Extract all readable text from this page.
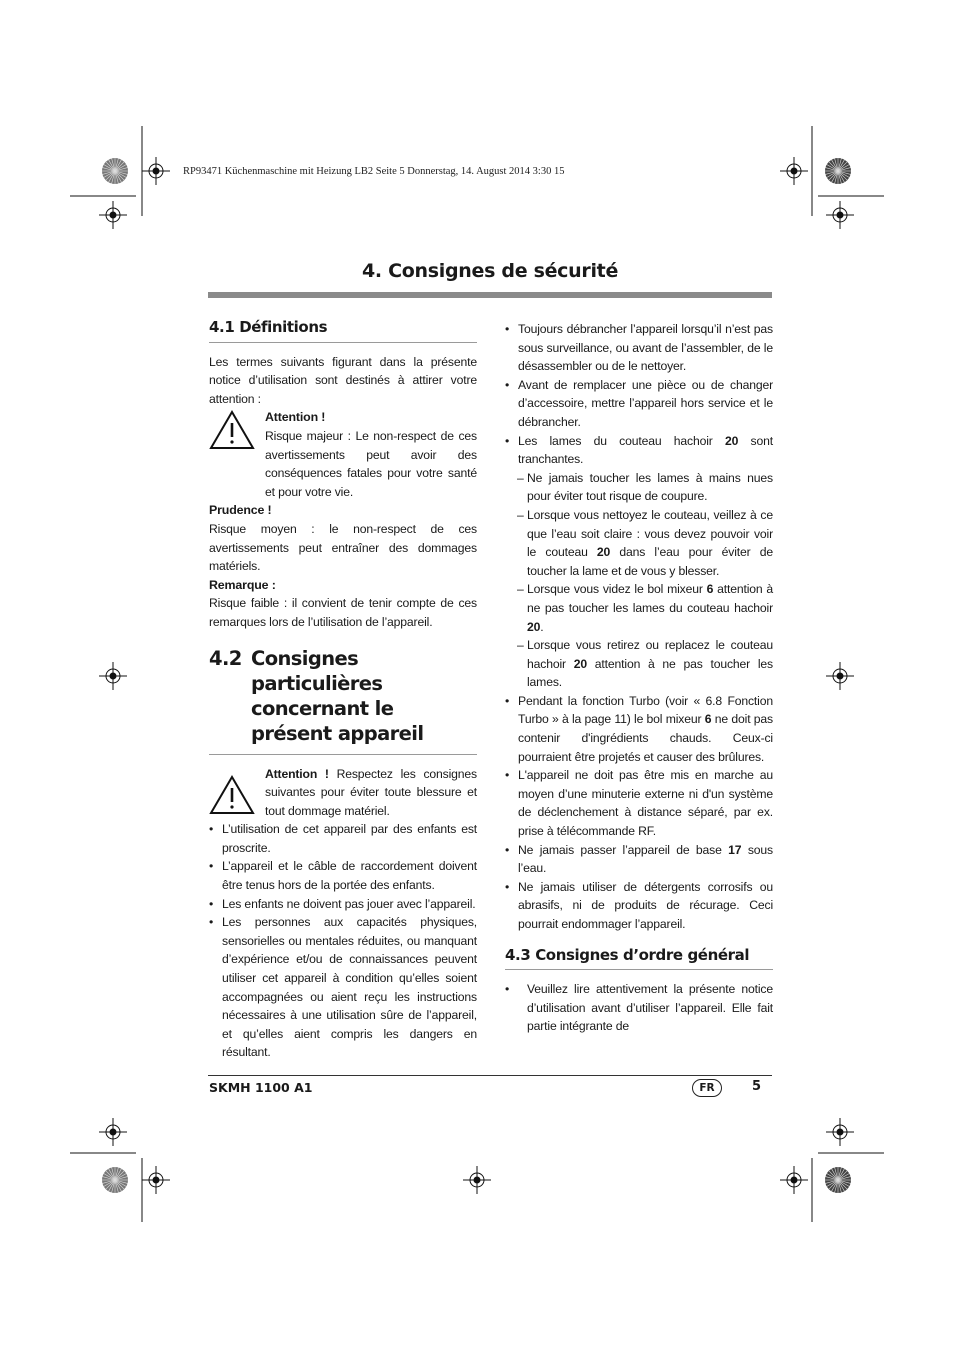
RP93471 Küchenmaschine mit Heizung LB2 Seite 5 Donnerstag, 14. August 2014 3:30 15
4. Consignes de sécurité
4.1 Définitions

Les termes suivants figurant dans la présente notice d’utilisation sont destinés à attirer votre attention :

Attention !

Risque majeur : Le non-respect de ces avertissements peut avoir des conséquences fatales pour votre santé et pour votre vie.

Prudence !

Risque moyen : le non-respect de ces avertissements peut entraîner des dommages matériels.

Remarque :

Risque faible : il convient de tenir compte de ces remarques lors de l’utilisation de l’appareil.

4.2 Consignes particulières concernant le présent appareil

Attention ! Respectez les consignes suivantes pour éviter toute blessure et tout dommage matériel.

• L’utilisation de cet appareil par des enfants est proscrite.
• L’appareil et le câble de raccordement doivent être tenus hors de la portée des enfants.
• Les enfants ne doivent pas jouer avec l’appareil.
• Les personnes aux capacités physiques, sensorielles ou mentales réduites, ou manquant d’expérience et/ou de connaissances peuvent utiliser cet appareil à condition qu’elles soient accompagnées ou aient reçu les instructions nécessaires à une utilisation sûre de l’appareil, et qu’elles aient compris les dangers en résultant.
• Toujours débrancher l’appareil lorsqu’il n’est pas sous surveillance, ou avant de l’assembler, de le désassembler ou de le nettoyer.
• Avant de remplacer une pièce ou de changer d’accessoire, mettre l’appareil hors service et le débrancher.
• Les lames du couteau hachoir 20 sont tranchantes.
– Ne jamais toucher les lames à mains nues pour éviter tout risque de coupure.
– Lorsque vous nettoyez le couteau, veillez à ce que l’eau soit claire : vous devez pouvoir voir le couteau 20 dans l’eau pour éviter de toucher la lame et de vous y blesser.
– Lorsque vous videz le bol mixeur 6 attention à ne pas toucher les lames du couteau hachoir 20.
– Lorsque vous retirez ou replacez le couteau hachoir 20 attention à ne pas toucher les lames.
• Pendant la fonction Turbo (voir « 6.8 Fonction Turbo » à la page 11) le bol mixeur 6 ne doit pas contenir d'ingrédients chauds. Ceux-ci pourraient être projetés et causer des brûlures.
• L'appareil ne doit pas être mis en marche au moyen d’une minuterie externe ni d'un système de déclenchement à distance séparé, par ex. prise à télécommande RF.
• Ne jamais passer l’appareil de base 17 sous l’eau.
• Ne jamais utiliser de détergents corrosifs ou abrasifs, ni de produits de récurage. Ceci pourrait endommager l’appareil.
4.3 Consignes d’ordre général
• Veuillez lire attentivement la présente notice d’utilisation avant d’utiliser l’appareil. Elle fait partie intégrante de
SKMH 1100 A1	FR	5
